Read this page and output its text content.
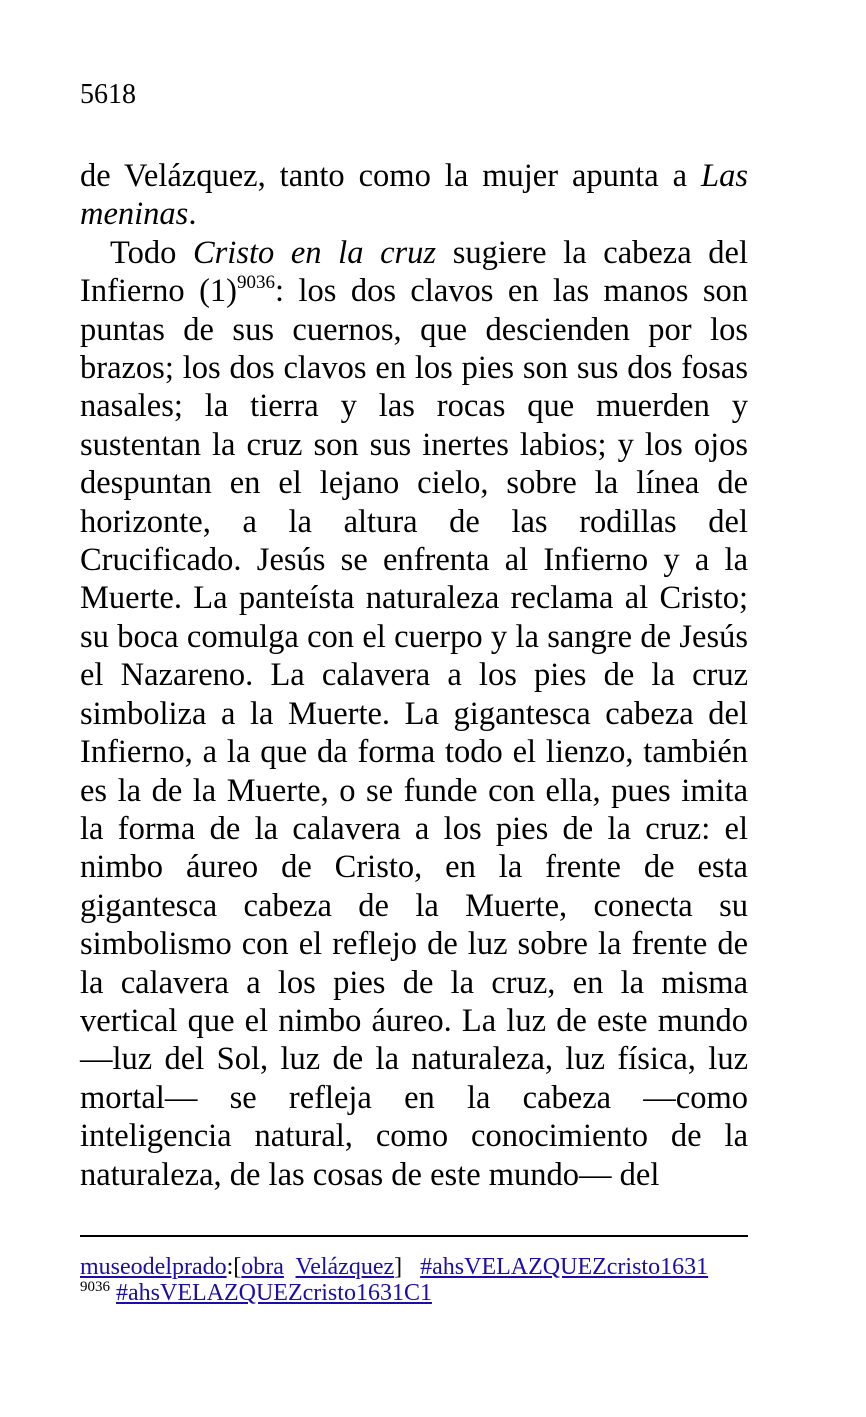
5618

de Velázquez, tanto como la mujer apunta a Las meninas.

Todo Cristo en la cruz sugiere la cabeza del Infierno (1)$^{9036}$: los dos clavos en las manos son puntas de sus cuernos, que descienden por los brazos; los dos clavos en los pies son sus dos fosas nasales; la tierra y las rocas que muerden y sustentan la cruz son sus inertes labios; y los ojos despuntan en el lejano cielo, sobre la línea de horizonte, a la altura de las rodillas del Crucificado. Jesús se enfrenta al Infierno y a la Muerte. La panteísta naturaleza reclama al Cristo; su boca comulga con el cuerpo y la sangre de Jesús el Nazareno. La calavera a los pies de la cruz simboliza a la Muerte. La gigantesca cabeza del Infierno, a la que da forma todo el lienzo, también es la de la Muerte, o se funde con ella, pues imita la forma de la calavera a los pies de la cruz: el nimbo áureo de Cristo, en la frente de esta gigantesca cabeza de la Muerte, conecta su simbolismo con el reflejo de luz sobre la frente de la calavera a los pies de la cruz, en la misma vertical que el nimbo áureo. La luz de este mundo —luz del Sol, luz de la naturaleza, luz física, luz mortal— se refleja en la cabeza —como inteligencia natural, como conocimiento de la naturaleza, de las cosas de este mundo— del

museodelprado:[obra Velázquez] #ahsVELAZQUEZcristo1631
$^{9036}$ #ahsVELAZQUEZcristo1631C1
